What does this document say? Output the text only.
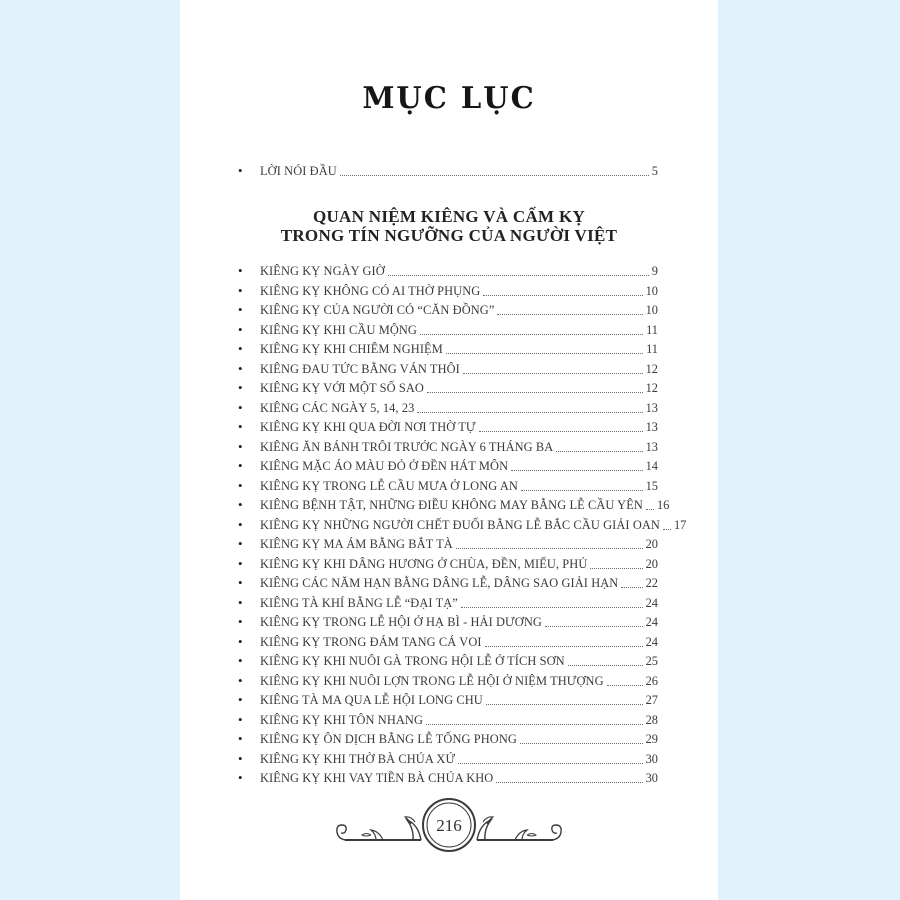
MỤC LỤC
•
LỜI NÓI ĐẦU	5
QUAN NIỆM KIÊNG VÀ CẤM KỴ
TRONG TÍN NGƯỠNG CỦA NGƯỜI VIỆT
•
KIÊNG KỴ NGÀY GIỜ	9
•
KIÊNG KỴ KHÔNG CÓ AI THỜ PHỤNG	10
•
KIÊNG KỴ CỦA NGƯỜI CÓ “CĂN ĐỒNG”	10
•
KIÊNG KỴ KHI CẦU MỘNG	11
•
KIÊNG KỴ KHI CHIÊM NGHIỆM	11
•
KIÊNG ĐAU TỨC BẰNG VÁN THÔI	12
•
KIÊNG KỴ VỚI MỘT SỐ SAO	12
•
KIÊNG CÁC NGÀY 5, 14, 23	13
•
KIÊNG KỴ KHI QUA ĐỜI NƠI THỜ TỰ	13
•
KIÊNG ĂN BÁNH TRÔI TRƯỚC NGÀY 6 THÁNG BA	13
•
KIÊNG MẶC ÁO MÀU ĐỎ Ở ĐỀN HÁT MÔN	14
•
KIÊNG KỴ TRONG LỄ CẦU MƯA Ở LONG AN	15
•
KIÊNG BỆNH TẬT, NHỮNG ĐIỀU KHÔNG MAY BẰNG LỄ CẦU YÊN 16
•
KIÊNG KỴ NHỮNG NGƯỜI CHẾT ĐUỐI BẰNG LỄ BẮC CẦU GIẢI OAN 17
•
KIÊNG KỴ MA ÁM BẰNG BẮT TÀ	20
•
KIÊNG KỴ KHI DÂNG HƯƠNG Ở CHÙA, ĐỀN, MIẾU, PHỦ	20
•
KIÊNG CÁC NĂM HẠN BẰNG DÂNG LỄ, DÂNG SAO GIẢI HẠN 22
•
KIÊNG TÀ KHÍ BẰNG LỄ “ĐẠI TẠ”	24
•
KIÊNG KỴ TRONG LỄ HỘI Ở HẠ BÌ - HẢI DƯƠNG	24
•
KIÊNG KỴ TRONG ĐÁM TANG CÁ VOI	24
•
KIÊNG KỴ KHI NUÔI GÀ TRONG HỘI LỄ Ở TÍCH SƠN	25
•
KIÊNG KỴ KHI NUÔI LỢN TRONG LỄ HỘI Ở NIỆM THƯỢNG	26
•
KIÊNG TÀ MA QUA LỄ HỘI LONG CHU	27
•
KIÊNG KỴ KHI TÔN NHANG	28
•
KIÊNG KỴ ÔN DỊCH BẰNG LỄ TỐNG PHONG	29
•
KIÊNG KỴ KHI THỜ BÀ CHÚA XỨ	30
•
KIÊNG KỴ KHI VAY TIỀN BÀ CHÚA KHO	30
216
